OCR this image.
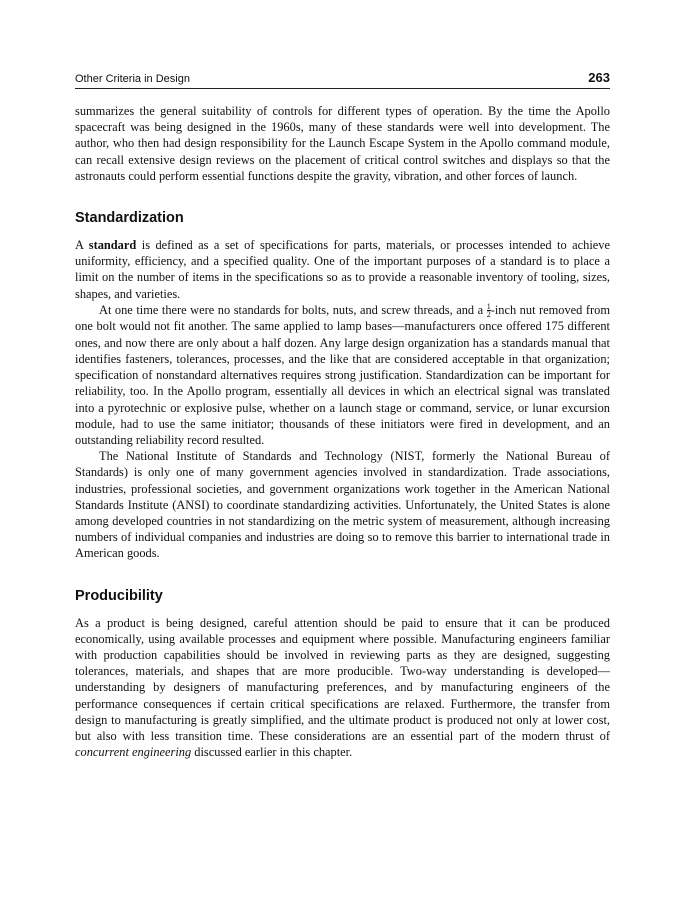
Other Criteria in Design	263

summarizes the general suitability of controls for different types of operation. By the time the Apollo spacecraft was being designed in the 1960s, many of these standards were well into development. The author, who then had design responsibility for the Launch Escape System in the Apollo command module, can recall extensive design reviews on the placement of critical control switches and displays so that the astronauts could perform essential functions despite the gravity, vibration, and other forces of launch.

Standardization

A standard is defined as a set of specifications for parts, materials, or processes intended to achieve uniformity, efficiency, and a specified quality. One of the important purposes of a standard is to place a limit on the number of items in the specifications so as to provide a reasonable inventory of tooling, sizes, shapes, and varieties.

At one time there were no standards for bolts, nuts, and screw threads, and a $\frac{1}{2}$ -inch nut removed from one bolt would not fit another. The same applied to lamp bases—manufacturers once offered 175 different ones, and now there are only about a half dozen. Any large design organization has a standards manual that identifies fasteners, tolerances, processes, and the like that are considered acceptable in that organization; specification of nonstandard alternatives requires strong justification. Standardization can be important for reliability, too. In the Apollo program, essentially all devices in which an electrical signal was translated into a pyrotechnic or explosive pulse, whether on a launch stage or command, service, or lunar excursion module, had to use the same initiator; thousands of these initiators were fired in development, and an outstanding reliability record resulted.

The National Institute of Standards and Technology (NIST, formerly the National Bureau of Standards) is only one of many government agencies involved in standardization. Trade associations, industries, professional societies, and government organizations work together in the American National Standards Institute (ANSI) to coordinate standardizing activities. Unfortunately, the United States is alone among developed countries in not standardizing on the metric system of measurement, although increasing numbers of individual companies and industries are doing so to remove this barrier to international trade in American goods.

Producibility

As a product is being designed, careful attention should be paid to ensure that it can be produced economically, using available processes and equipment where possible. Manufacturing engineers familiar with production capabilities should be involved in reviewing parts as they are designed, suggesting tolerances, materials, and shapes that are more producible. Two-way understanding is developed—understanding by designers of manufacturing preferences, and by manufacturing engineers of the performance consequences if certain critical specifications are relaxed. Furthermore, the transfer from design to manufacturing is greatly simplified, and the ultimate product is produced not only at lower cost, but also with less transition time. These considerations are an essential part of the modern thrust of concurrent engineering discussed earlier in this chapter.
